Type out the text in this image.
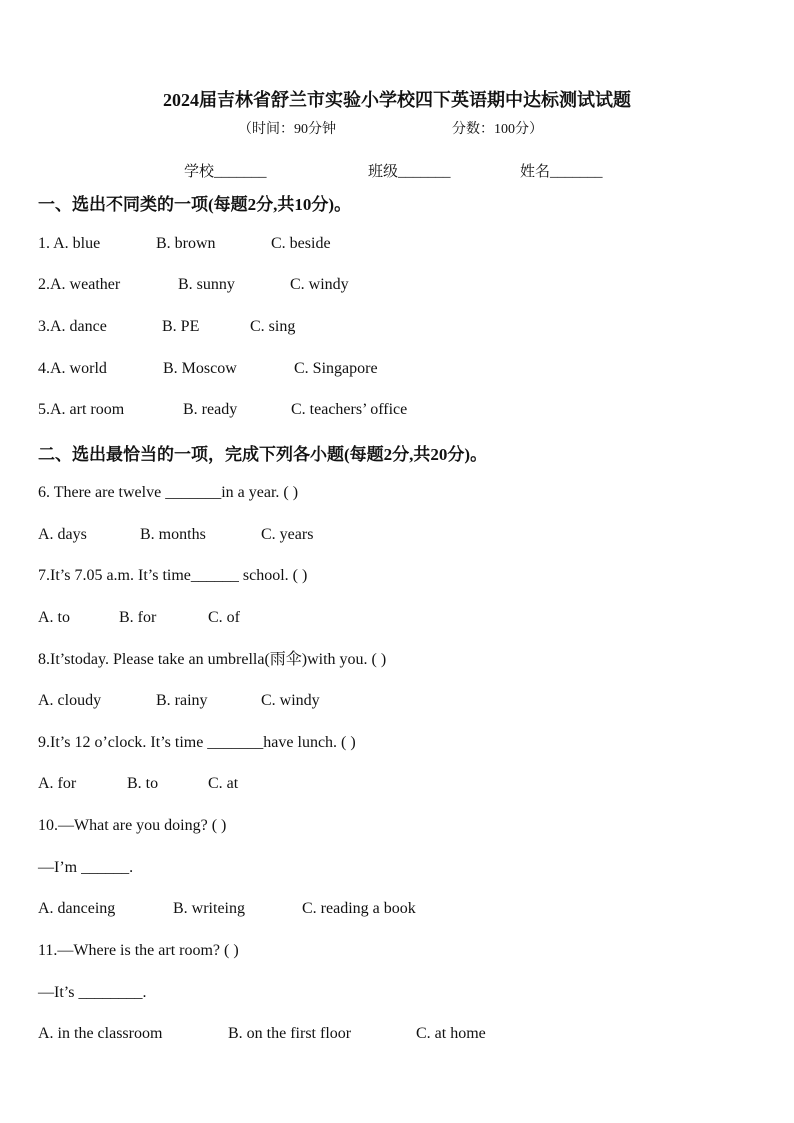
2024届吉林省舒兰市实验小学校四下英语期中达标测试试题
（时间：90分钟	分数：100分）
学校_______	班级_______	姓名_______
一、选出不同类的一项(每题2分,共10分)。
1. A. blue	B. brown	C. beside
2.A. weather	B. sunny	C. windy
3.A. dance	B. PE	C. sing
4.A. world	B. Moscow	C. Singapore
5.A. art room	B. ready	C. teachers’ office
二、选出最恰当的一项，完成下列各小题(每题2分,共20分)。
6. There are twelve _______in a year. ( )
A. days	B. months	C. years
7.It’s 7.05 a.m. It’s time______ school. ( )
A. to	B. for	C. of
8.It’stoday. Please take an umbrella(雨伞)with you. ( )
A. cloudy	B. rainy	C. windy
9.It’s 12 o’clock. It’s time _______have lunch. ( )
A. for	B. to	C. at
10.—What are you doing? ( )
—I’m ______.
A. danceing	B. writeing	C. reading a book
11.—Where is the art room? ( )
—It’s ________.
A. in the classroom	B. on the first floor	C. at home
